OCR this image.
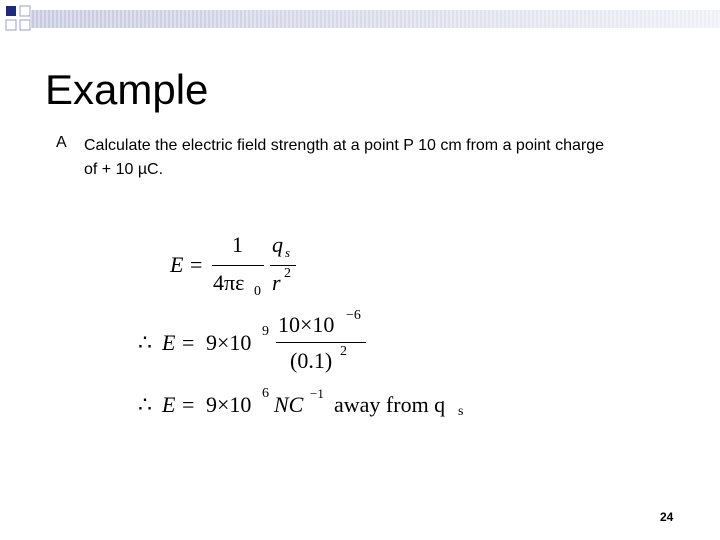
Example
A Calculate the electric field strength at a point P 10 cm from a point charge
of + 10 µC.
E =
1
4πε 0
q s
r 2
∴ E = 9×10 9 10×10 −6
(0.1) 2
∴ E = 9×10 6 NC −1 away from q s
24
